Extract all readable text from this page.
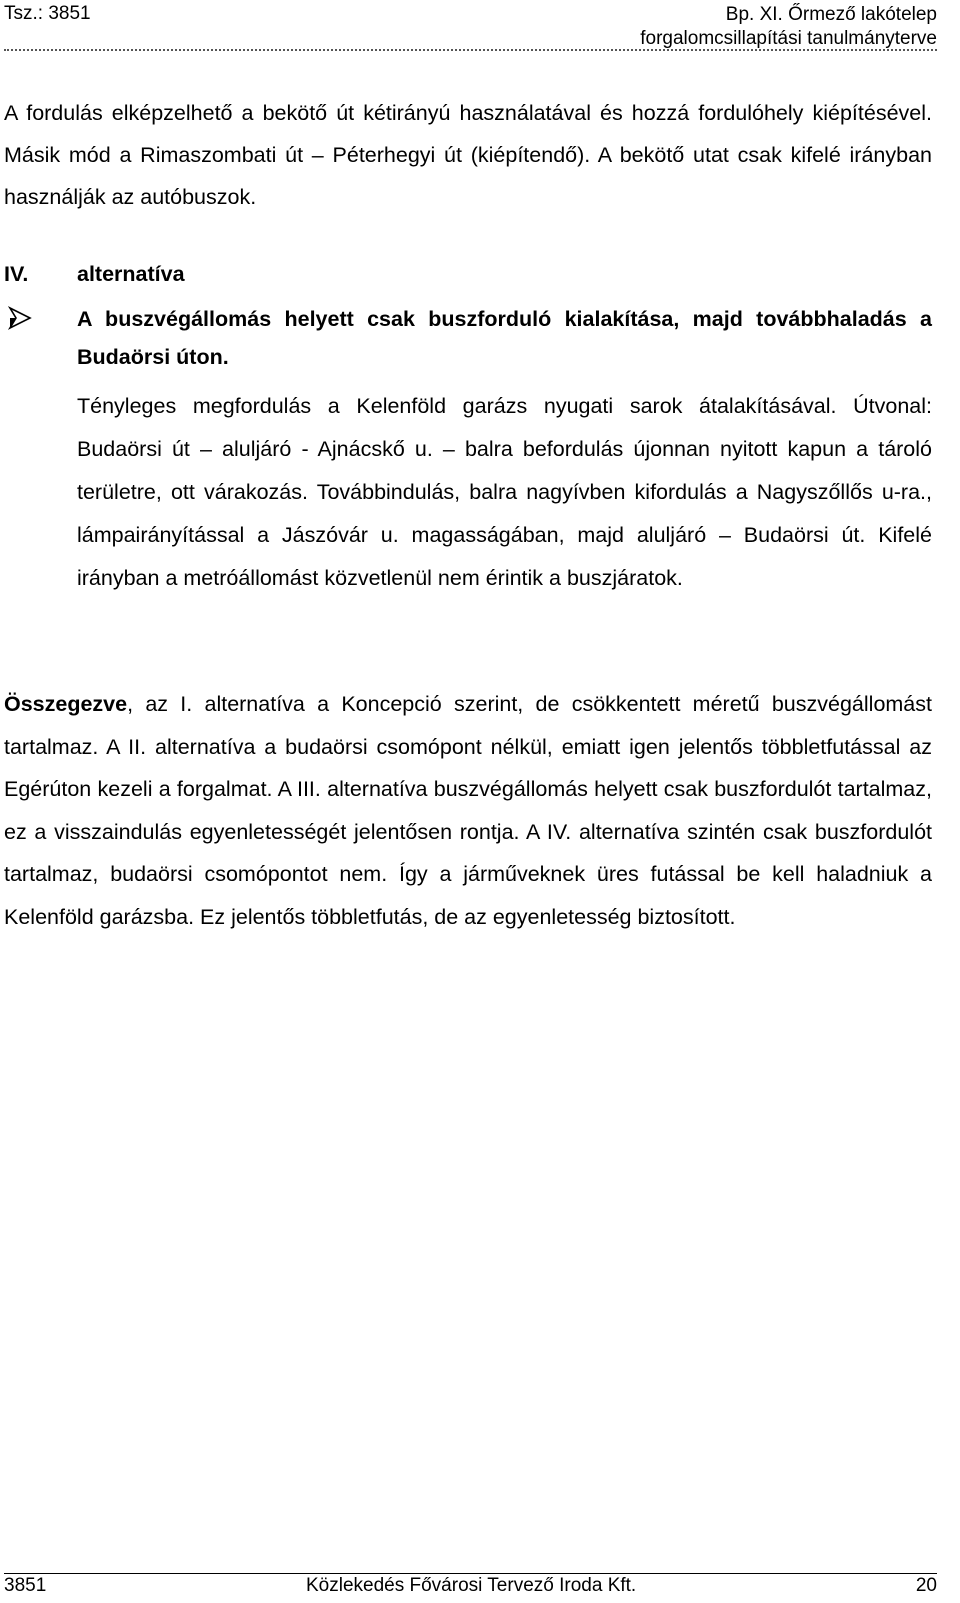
Tsz.: 3851	Bp. XI. Őrmező lakótelep
forgalomcsillapítási tanulmányterve
A fordulás elképzelhető a bekötő út kétirányú használatával és hozzá fordulóhely kiépítésével. Másik mód a Rimaszombati út – Péterhegyi út (kiépítendő). A bekötő utat csak kifelé irányban használják az autóbuszok.
IV. alternatíva
A buszvégállomás helyett csak buszforduló kialakítása, majd továbbhaladás a Budaörsi úton.
Tényleges megfordulás a Kelenföld garázs nyugati sarok átalakításával. Útvonal: Budaörsi út – aluljáró - Ajnácskő u. – balra befordulás újonnan nyitott kapun a tároló területre, ott várakozás. Továbbindulás, balra nagyívben kifordulás a Nagyszőllős u-ra., lámpairányítással a Jászóvár u. magasságában, majd aluljáró – Budaörsi út. Kifelé irányban a metróállomást közvetlenül nem érintik a buszjáratok.
Összegezve, az I. alternatíva a Koncepció szerint, de csökkentett méretű buszvégállomást tartalmaz. A II. alternatíva a budaörsi csomópont nélkül, emiatt igen jelentős többletfutással az Egérúton kezeli a forgalmat. A III. alternatíva buszvégállomás helyett csak buszfordulót tartalmaz, ez a visszaindulás egyenletességét jelentősen rontja. A IV. alternatíva szintén csak buszfordulót tartalmaz, budaörsi csomópontot nem. Így a járműveknek üres futással be kell haladniuk a Kelenföld garázsba. Ez jelentős többletfutás, de az egyenletesség biztosított.
3851	Közlekedés Fővárosi Tervező Iroda Kft.	20
